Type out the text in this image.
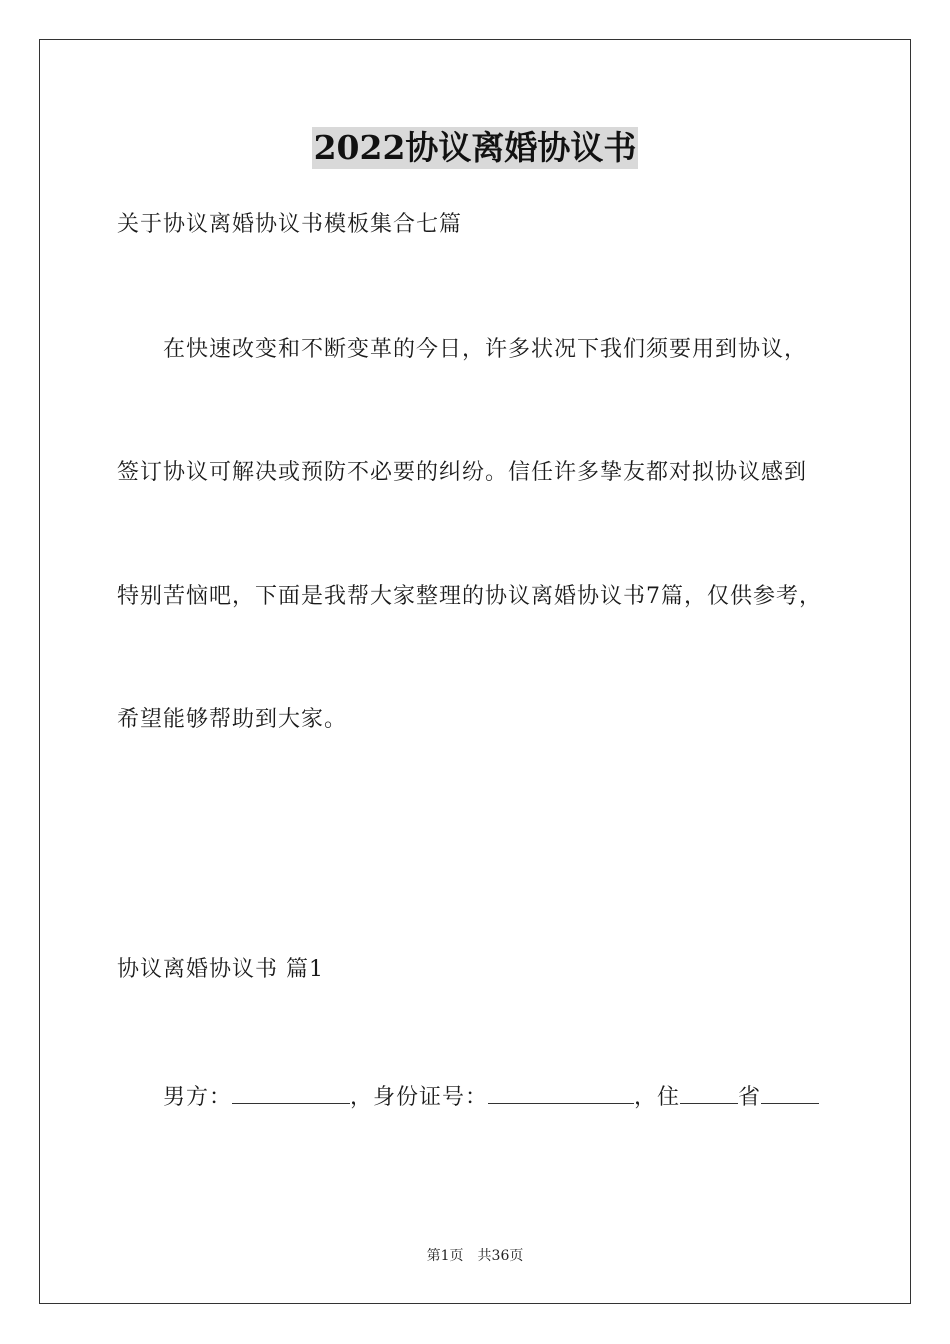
2022协议离婚协议书
关于协议离婚协议书模板集合七篇
在快速改变和不断变革的今日，许多状况下我们须要用到协议，
签订协议可解决或预防不必要的纠纷。信任许多挚友都对拟协议感到
特别苦恼吧，下面是我帮大家整理的协议离婚协议书7篇，仅供参考，
希望能够帮助到大家。
协议离婚协议书 篇1
男方：	，身份证号：	，住	省
第1页 共36页
